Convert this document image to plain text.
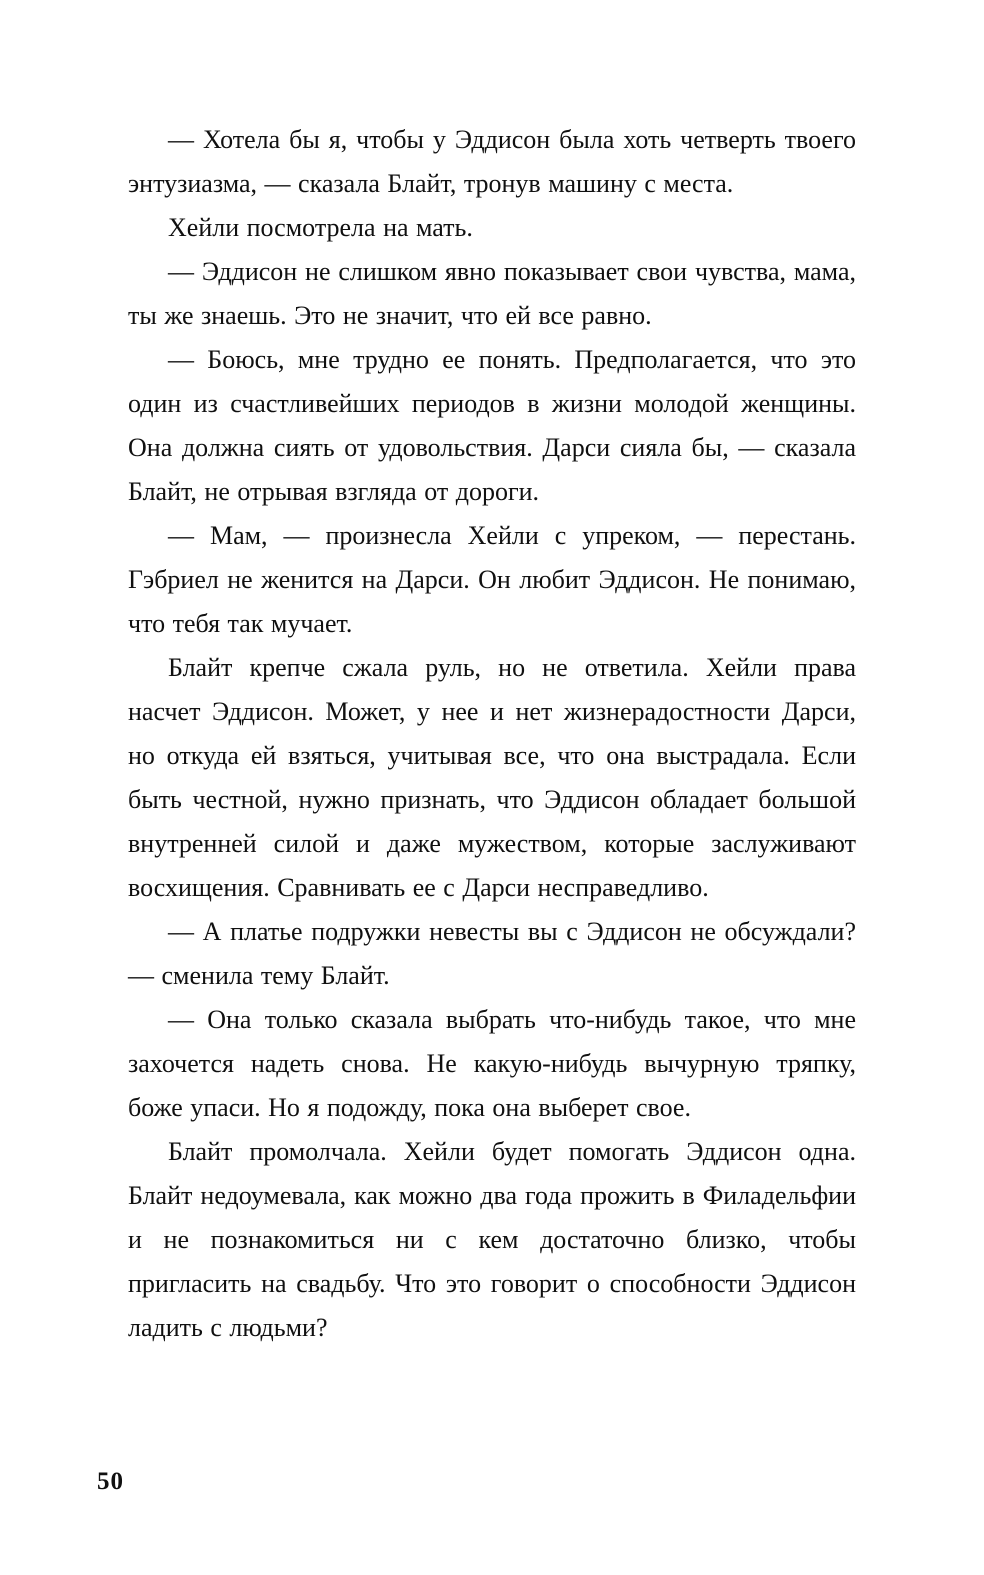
— Хотела бы я, чтобы у Эддисон была хоть четверть твоего энтузиазма, — сказала Блайт, тронув машину с места.

Хейли посмотрела на мать.

— Эддисон не слишком явно показывает свои чувства, мама, ты же знаешь. Это не значит, что ей все равно.

— Боюсь, мне трудно ее понять. Предполагается, что это один из счастливейших периодов в жизни молодой женщины. Она должна сиять от удовольствия. Дарси сияла бы, — сказала Блайт, не отрывая взгляда от дороги.

— Мам, — произнесла Хейли с упреком, — перестань. Гэбриел не женится на Дарси. Он любит Эддисон. Не понимаю, что тебя так мучает.

Блайт крепче сжала руль, но не ответила. Хейли права насчет Эддисон. Может, у нее и нет жизнерадостности Дарси, но откуда ей взяться, учитывая все, что она выстрадала. Если быть честной, нужно признать, что Эддисон обладает большой внутренней силой и даже мужеством, которые заслуживают восхищения. Сравнивать ее с Дарси несправедливо.

— А платье подружки невесты вы с Эддисон не обсуждали? — сменила тему Блайт.

— Она только сказала выбрать что-нибудь такое, что мне захочется надеть снова. Не какую-нибудь вычурную тряпку, боже упаси. Но я подожду, пока она выберет свое.

Блайт промолчала. Хейли будет помогать Эддисон одна. Блайт недоумевала, как можно два года прожить в Филадельфии и не познакомиться ни с кем достаточно близко, чтобы пригласить на свадьбу. Что это говорит о способности Эддисон ладить с людьми?

50
